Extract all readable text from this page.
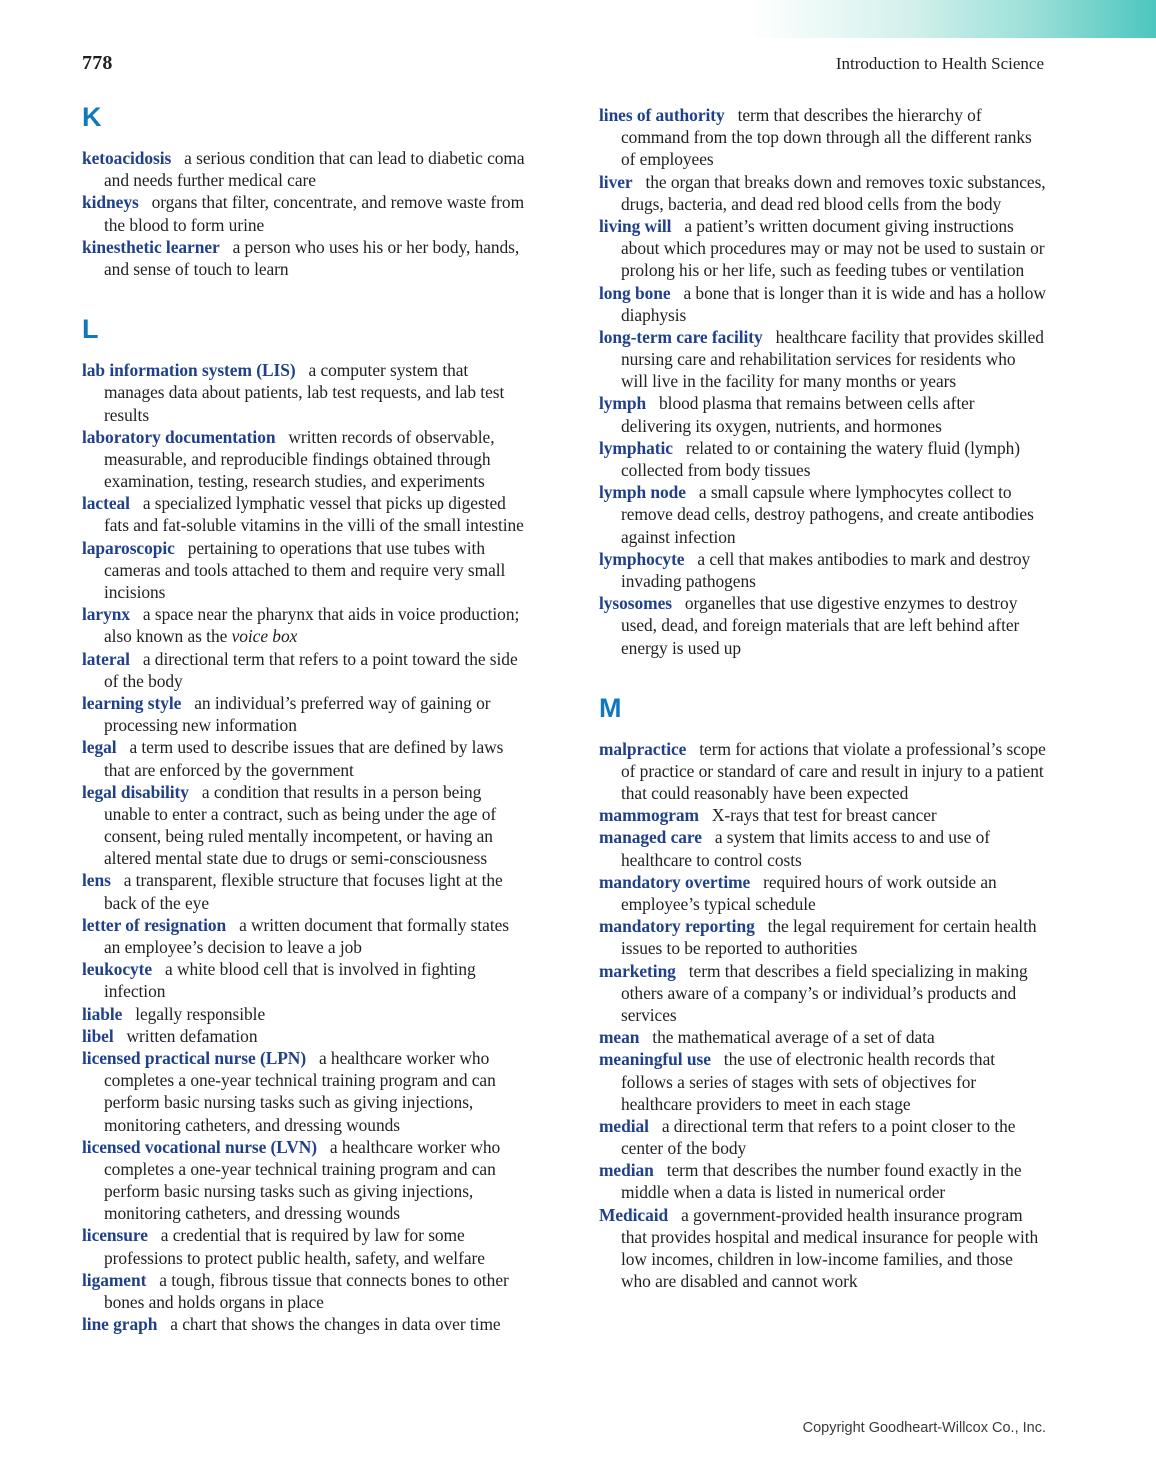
778	Introduction to Health Science
K

ketoacidosis a serious condition that can lead to diabetic coma and needs further medical care

kidneys organs that filter, concentrate, and remove waste from the blood to form urine

kinesthetic learner a person who uses his or her body, hands, and sense of touch to learn

L

lab information system (LIS) a computer system that manages data about patients, lab test requests, and lab test results

laboratory documentation written records of observable, measurable, and reproducible findings obtained through examination, testing, research studies, and experiments

lacteal a specialized lymphatic vessel that picks up digested fats and fat-soluble vitamins in the villi of the small intestine

laparoscopic pertaining to operations that use tubes with cameras and tools attached to them and require very small incisions

larynx a space near the pharynx that aids in voice production; also known as the voice box

lateral a directional term that refers to a point toward the side of the body

learning style an individual’s preferred way of gaining or processing new information

legal a term used to describe issues that are defined by laws that are enforced by the government

legal disability a condition that results in a person being unable to enter a contract, such as being under the age of consent, being ruled mentally incompetent, or having an altered mental state due to drugs or semi-consciousness

lens a transparent, flexible structure that focuses light at the back of the eye

letter of resignation a written document that formally states an employee’s decision to leave a job

leukocyte a white blood cell that is involved in fighting infection

liable legally responsible

libel written defamation

licensed practical nurse (LPN) a healthcare worker who completes a one-year technical training program and can perform basic nursing tasks such as giving injections, monitoring catheters, and dressing wounds

licensed vocational nurse (LVN) a healthcare worker who completes a one-year technical training program and can perform basic nursing tasks such as giving injections, monitoring catheters, and dressing wounds

licensure a credential that is required by law for some professions to protect public health, safety, and welfare

ligament a tough, fibrous tissue that connects bones to other bones and holds organs in place

line graph a chart that shows the changes in data over time

lines of authority term that describes the hierarchy of command from the top down through all the different ranks of employees

liver the organ that breaks down and removes toxic substances, drugs, bacteria, and dead red blood cells from the body

living will a patient’s written document giving instructions about which procedures may or may not be used to sustain or prolong his or her life, such as feeding tubes or ventilation

long bone a bone that is longer than it is wide and has a hollow diaphysis

long-term care facility healthcare facility that provides skilled nursing care and rehabilitation services for residents who will live in the facility for many months or years

lymph blood plasma that remains between cells after delivering its oxygen, nutrients, and hormones

lymphatic related to or containing the watery fluid (lymph) collected from body tissues

lymph node a small capsule where lymphocytes collect to remove dead cells, destroy pathogens, and create antibodies against infection

lymphocyte a cell that makes antibodies to mark and destroy invading pathogens

lysosomes organelles that use digestive enzymes to destroy used, dead, and foreign materials that are left behind after energy is used up

M

malpractice term for actions that violate a professional’s scope of practice or standard of care and result in injury to a patient that could reasonably have been expected

mammogram X-rays that test for breast cancer

managed care a system that limits access to and use of healthcare to control costs

mandatory overtime required hours of work outside an employee’s typical schedule

mandatory reporting the legal requirement for certain health issues to be reported to authorities

marketing term that describes a field specializing in making others aware of a company’s or individual’s products and services

mean the mathematical average of a set of data

meaningful use the use of electronic health records that follows a series of stages with sets of objectives for healthcare providers to meet in each stage

medial a directional term that refers to a point closer to the center of the body

median term that describes the number found exactly in the middle when a data is listed in numerical order

Medicaid a government-provided health insurance program that provides hospital and medical insurance for people with low incomes, children in low-income families, and those who are disabled and cannot work

Copyright Goodheart-Willcox Co., Inc.
